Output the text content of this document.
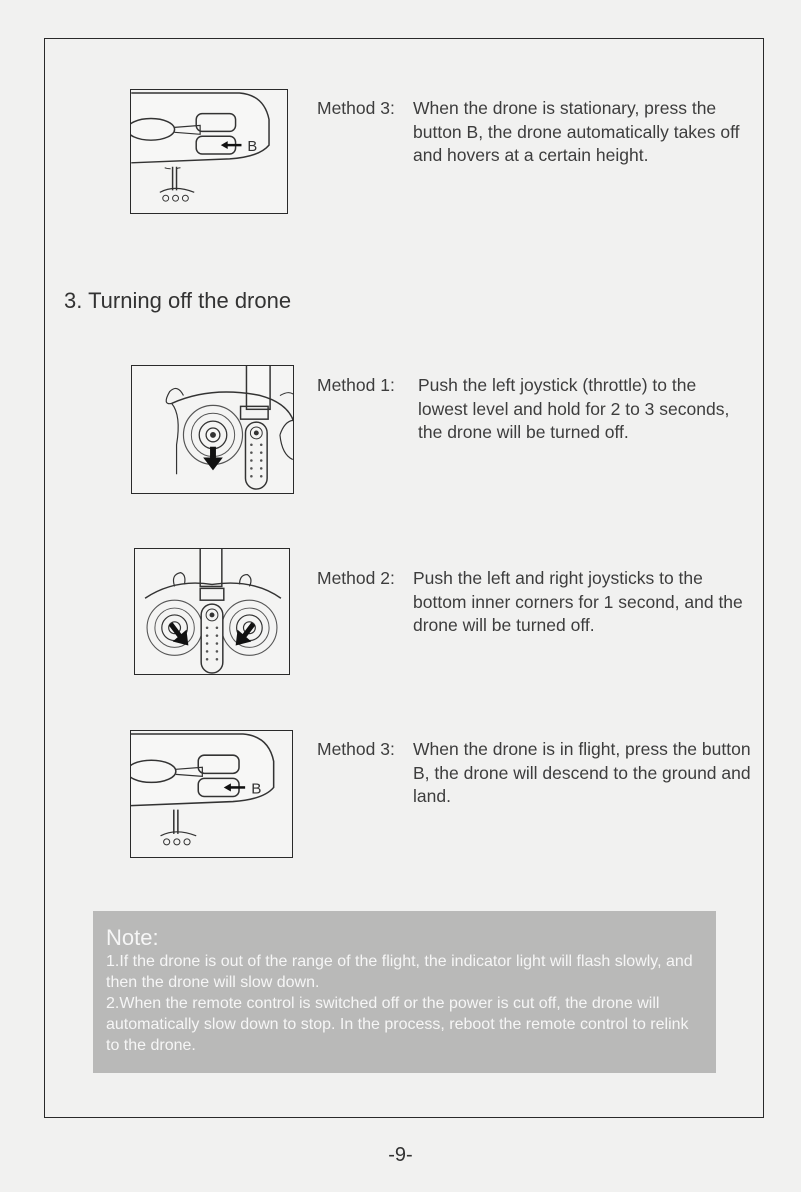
B
Method 3: When the drone is stationary, press the button B, the drone automatically takes off and hovers at a certain height.
3. Turning off the drone
Method 1: Push the left joystick (throttle) to the lowest level and hold for 2 to 3 seconds, the drone will be turned off.
Method 2: Push the left and right joysticks to the bottom inner corners for 1 second, and the drone will be turned off.
B
Method 3: When the drone is in flight, press the button B, the drone will descend to the ground and land.
Note:
1.If the drone is out of the range of the flight, the indicator light will flash slowly, and then the drone will slow down.
2.When the remote control is switched off or the power is cut off, the drone will automatically slow down to stop. In the process, reboot the remote control to relink to the drone.
-9-
